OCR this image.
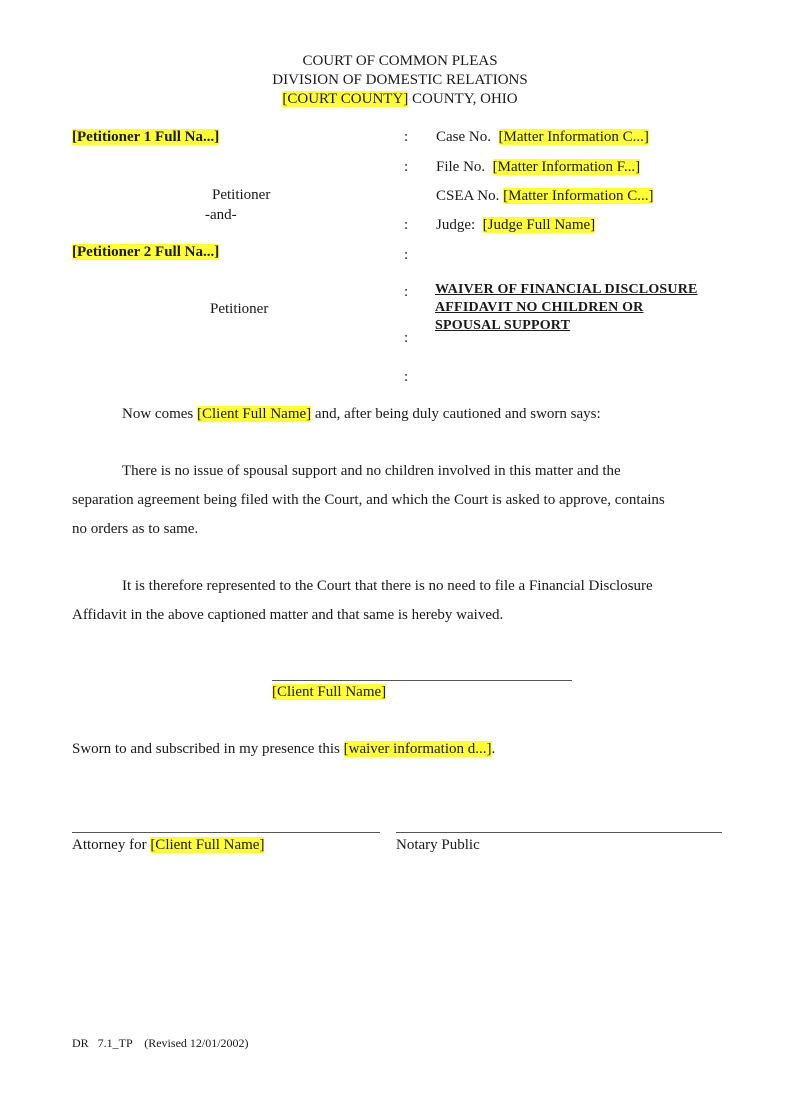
COURT OF COMMON PLEAS
DIVISION OF DOMESTIC RELATIONS
[COURT COUNTY] COUNTY, OHIO
[Petitioner 1 Full Na...]
Petitioner
-and-
[Petitioner 2 Full Na...]
Petitioner
:
:
:
:
:
:
:
Case No. [Matter Information C...]
File No. [Matter Information F...]
CSEA No. [Matter Information C...]
Judge: [Judge Full Name]
WAIVER OF FINANCIAL DISCLOSURE
AFFIDAVIT NO CHILDREN OR
SPOUSAL SUPPORT
Now comes [Client Full Name] and, after being duly cautioned and sworn says:
There is no issue of spousal support and no children involved in this matter and the
separation agreement being filed with the Court, and which the Court is asked to approve, contains
no orders as to same.
It is therefore represented to the Court that there is no need to file a Financial Disclosure
Affidavit in the above captioned matter and that same is hereby waived.
[Client Full Name]
Sworn to and subscribed in my presence this [waiver information d...].
Attorney for [Client Full Name]	Notary Public
DR   7.1_TP (Revised 12/01/2002)
